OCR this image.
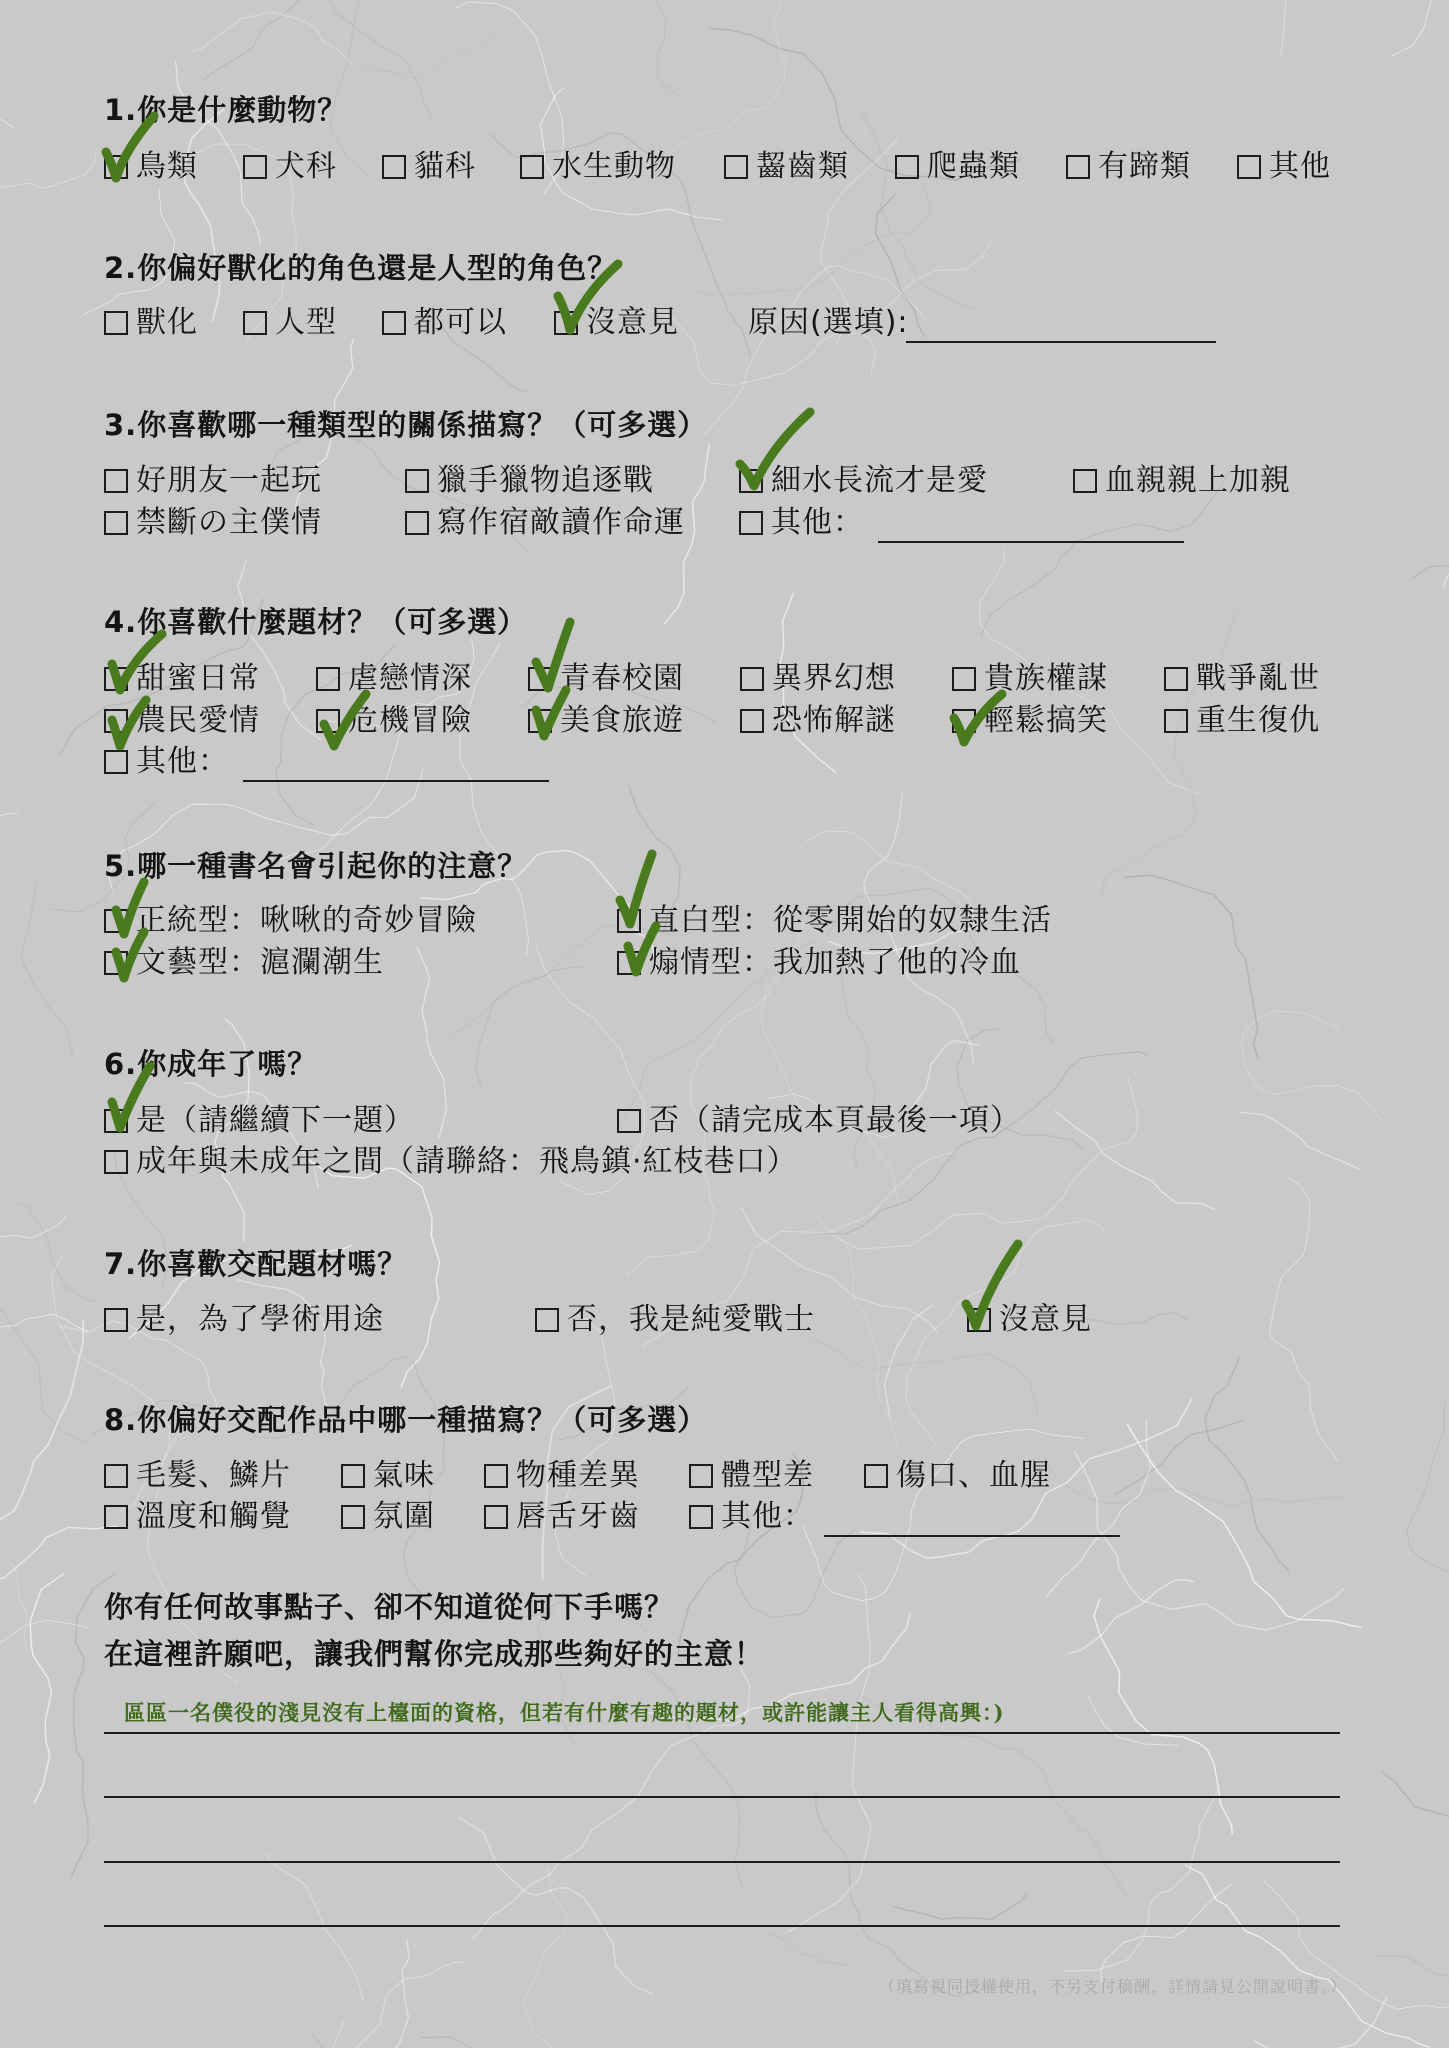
1.你是什麼動物？
鳥類	犬科	貓科	水生動物	齧齒類	爬蟲類	有蹄類	其他
2.你偏好獸化的角色還是人型的角色？
獸化	人型	都可以	沒意見 原因(選填):
3.你喜歡哪一種類型的關係描寫？（可多選）
好朋友一起玩	獵手獵物追逐戰	細水長流才是愛	血親親上加親
禁斷の主僕情	寫作宿敵讀作命運	其他：
4.你喜歡什麼題材？（可多選）
甜蜜日常	虐戀情深	青春校園	異界幻想	貴族權謀	戰爭亂世
農民愛情	危機冒險	美食旅遊	恐怖解謎	輕鬆搞笑	重生復仇
其他：
5.哪一種書名會引起你的注意？
正統型：啾啾的奇妙冒險	直白型：從零開始的奴隸生活
文藝型：滬瀾潮生	煽情型：我加熱了他的冷血
6.你成年了嗎？
是（請繼續下一題）	否（請完成本頁最後一項）
成年與未成年之間（請聯絡：飛鳥鎮·紅枝巷口）
7.你喜歡交配題材嗎？
是，為了學術用途	否，我是純愛戰士	沒意見
8.你偏好交配作品中哪一種描寫？（可多選）
毛髮、鱗片	氣味	物種差異	體型差	傷口、血腥
溫度和觸覺	氛圍	唇舌牙齒	其他：
你有任何故事點子、卻不知道從何下手嗎？
在這裡許願吧，讓我們幫你完成那些夠好的主意！
區區一名僕役的淺見沒有上檯面的資格，但若有什麼有趣的題材，或許能讓主人看得高興：)
（填寫視同授權使用，不另支付稿酬，詳情請見公開說明書。）
